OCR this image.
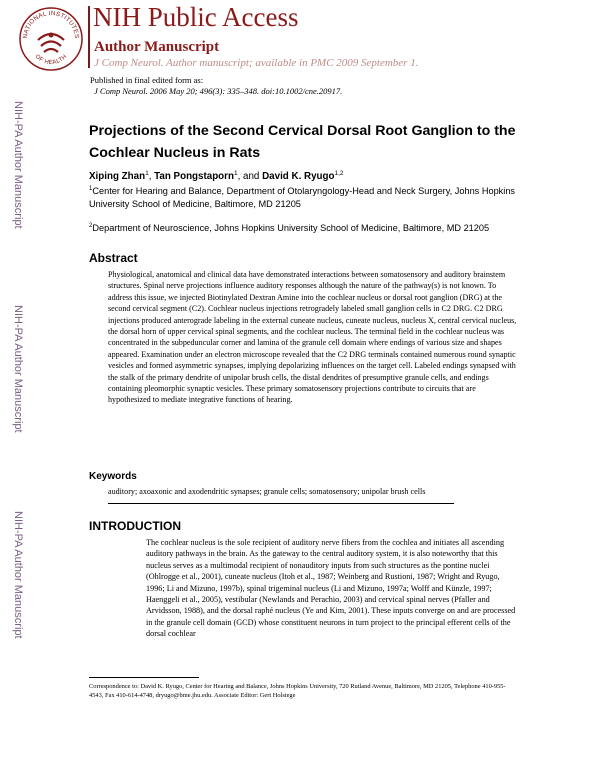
NATIONAL INSTITUTES
OF HEALTH
NIH Public Access
Author Manuscript
J Comp Neurol. Author manuscript; available in PMC 2009 September 1.
Published in final edited form as:
J Comp Neurol. 2006 May 20; 496(3): 335–348. doi:10.1002/cne.20917.
NIH-PA Author Manuscript
NIH-PA Author Manuscript
NIH-PA Author Manuscript
Projections of the Second Cervical Dorsal Root Ganglion to the Cochlear Nucleus in Rats
Xiping Zhan$^1$, Tan Pongstaporn$^1$, and David K. Ryugo$^{1,2}$
$^1$Center for Hearing and Balance, Department of Otolaryngology-Head and Neck Surgery, Johns Hopkins University School of Medicine, Baltimore, MD 21205
$^2$Department of Neuroscience, Johns Hopkins University School of Medicine, Baltimore, MD 21205
Abstract
Physiological, anatomical and clinical data have demonstrated interactions between somatosensory and auditory brainstem structures. Spinal nerve projections influence auditory responses although the nature of the pathway(s) is not known. To address this issue, we injected Biotinylated Dextran Amine into the cochlear nucleus or dorsal root ganglion (DRG) at the second cervical segment (C2). Cochlear nucleus injections retrogradely labeled small ganglion cells in C2 DRG. C2 DRG injections produced anterograde labeling in the external cuneate nucleus, cuneate nucleus, nucleus X, central cervical nucleus, the dorsal horn of upper cervical spinal segments, and the cochlear nucleus. The terminal field in the cochlear nucleus was concentrated in the subpeduncular corner and lamina of the granule cell domain where endings of various size and shapes appeared. Examination under an electron microscope revealed that the C2 DRG terminals contained numerous round synaptic vesicles and formed asymmetric synapses, implying depolarizing influences on the target cell. Labeled endings synapsed with the stalk of the primary dendrite of unipolar brush cells, the distal dendrites of presumptive granule cells, and endings containing pleomorphic synaptic vesicles. These primary somatosensory projections contribute to circuits that are hypothesized to mediate integrative functions of hearing.
Keywords
auditory; axoaxonic and axodendritic synapses; granule cells; somatosensory; unipolar brush cells
INTRODUCTION
The cochlear nucleus is the sole recipient of auditory nerve fibers from the cochlea and initiates all ascending auditory pathways in the brain. As the gateway to the central auditory system, it is also noteworthy that this nucleus serves as a multimodal recipient of nonauditory inputs from such structures as the pontine nuclei (Ohlrogge et al., 2001), cuneate nucleus (Itoh et al., 1987; Weinberg and Rustioni, 1987; Wright and Ryugo, 1996; Li and Mizuno, 1997b), spinal trigeminal nucleus (Li and Mizuno, 1997a; Wolff and Künzle, 1997; Haenggeli et al., 2005), vestibular (Newlands and Perachio, 2003) and cervical spinal nerves (Pfaller and Arvidsson, 1988), and the dorsal raphé nucleus (Ye and Kim, 2001). These inputs converge on and are processed in the granule cell domain (GCD) whose constituent neurons in turn project to the principal efferent cells of the dorsal cochlear
Correspondence to: David K. Ryugo, Center for Hearing and Balance, Johns Hopkins University, 720 Rutland Avenue, Baltimore, MD 21205, Telephone 410-955-4543, Fax 410-614-4748, dryugo@bme.jhu.edu. Associate Editor: Gert Holstege
